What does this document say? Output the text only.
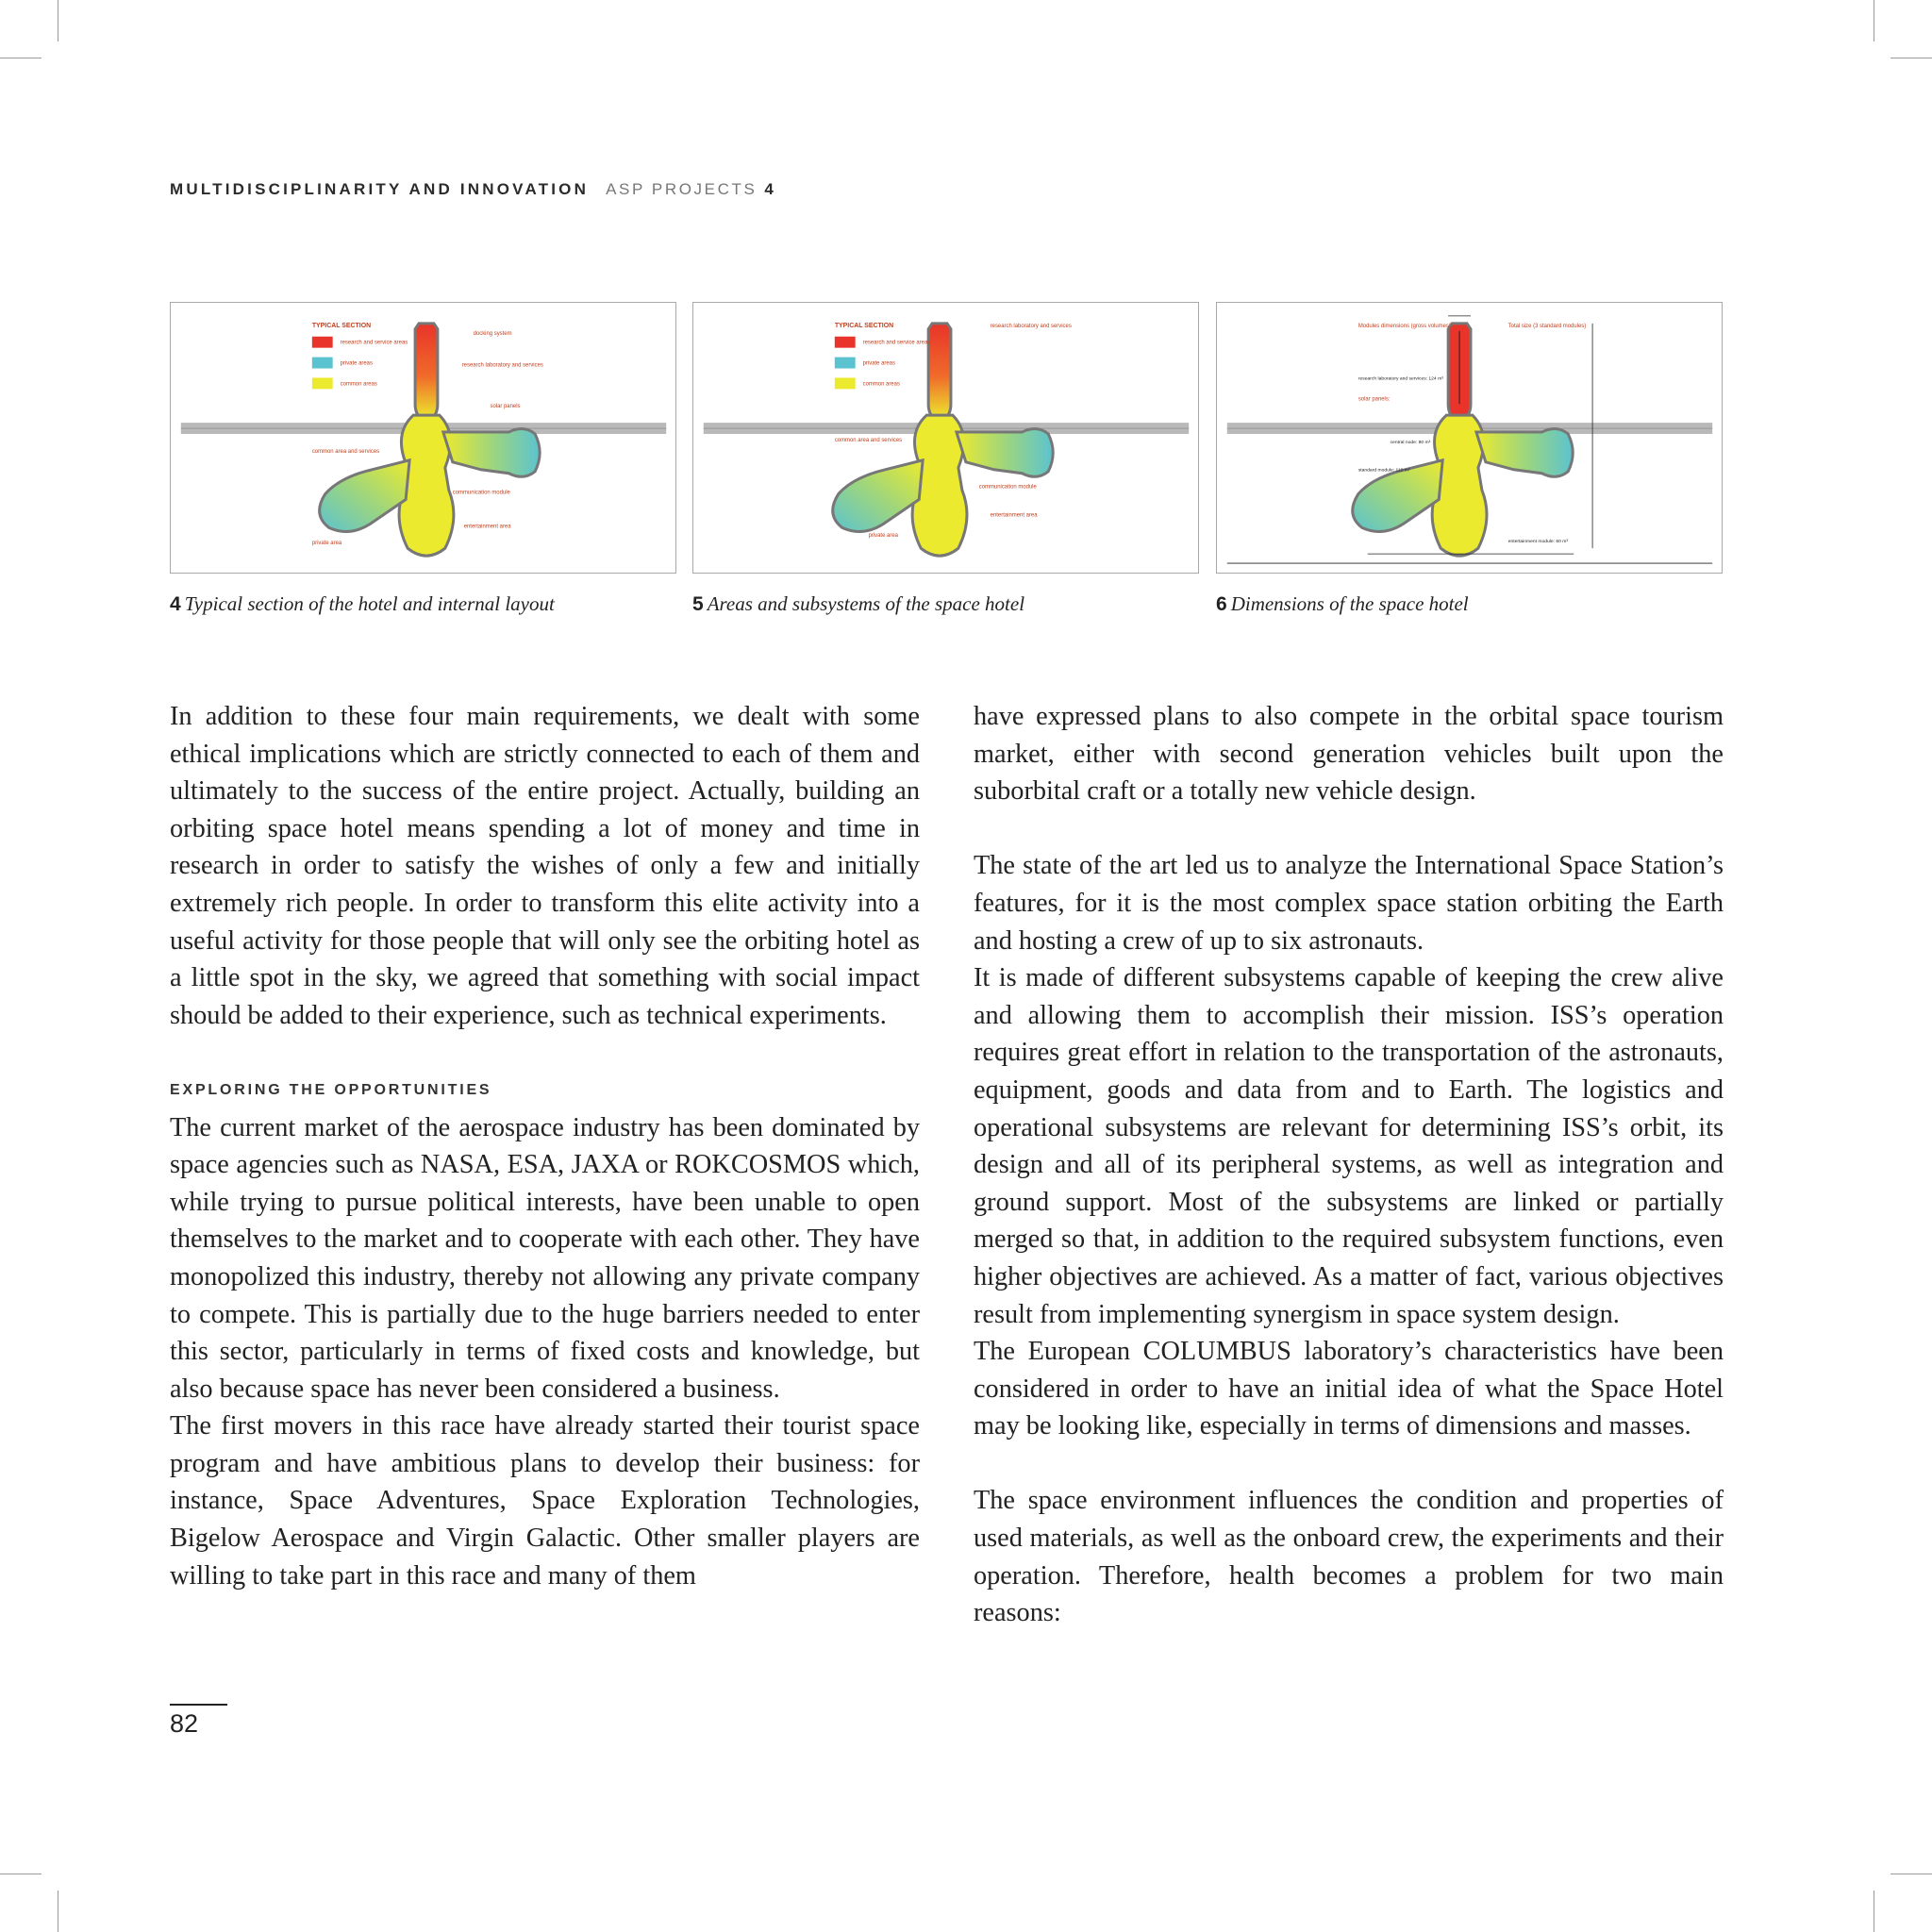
MULTIDISCIPLINARITY AND INNOVATION ASP PROJECTS 4
TYPICAL SECTION
research and service areas
private areas
common areas
docking system
research laboratory and services
solar panels
common area and services
communication module
entertainment area
private area
TYPICAL SECTION
research and service areas
private areas
common areas
research laboratory and services
common area and services
communication module
entertainment area
private area
Modules dimensions (gross volumes):	Total size (3 standard modules)
research laboratory and services: 124 m³
solar panels:
central node: 80 m³
standard module: 110 m³
entertainment module: 60 m³
4 Typical section of the hotel and internal layout	5 Areas and subsystems of the space hotel	6 Dimensions of the space hotel

In addition to these four main requirements, we dealt with some ethical implications which are strictly connected to each of them and ultimately to the success of the entire project. Actually, building an orbiting space hotel means spending a lot of money and time in research in order to satisfy the wishes of only a few and initially extremely rich people. In order to transform this elite activity into a useful activity for those people that will only see the orbiting hotel as a little spot in the sky, we agreed that something with social impact should be added to their experience, such as technical experiments.

EXPLORING THE OPPORTUNITIES

The current market of the aerospace industry has been dominated by space agencies such as NASA, ESA, JAXA or ROKCOSMOS which, while trying to pursue political interests, have been unable to open themselves to the market and to cooperate with each other. They have monopolized this industry, thereby not allowing any private company to compete. This is partially due to the huge barriers needed to enter this sector, particularly in terms of fixed costs and knowledge, but also because space has never been considered a business.

The first movers in this race have already started their tourist space program and have ambitious plans to develop their business: for instance, Space Adventures, Space Exploration Technologies, Bigelow Aerospace and Virgin Galactic. Other smaller players are willing to take part in this race and many of them

have expressed plans to also compete in the orbital space tourism market, either with second generation vehicles built upon the suborbital craft or a totally new vehicle design.

The state of the art led us to analyze the International Space Station’s features, for it is the most complex space station orbiting the Earth and hosting a crew of up to six astronauts.

It is made of different subsystems capable of keeping the crew alive and allowing them to accomplish their mission. ISS’s operation requires great effort in relation to the transportation of the astronauts, equipment, goods and data from and to Earth. The logistics and operational subsystems are relevant for determining ISS’s orbit, its design and all of its peripheral systems, as well as integration and ground support. Most of the subsystems are linked or partially merged so that, in addition to the required subsystem functions, even higher objectives are achieved. As a matter of fact, various objectives result from implementing synergism in space system design.

The European COLUMBUS laboratory’s characteristics have been considered in order to have an initial idea of what the Space Hotel may be looking like, especially in terms of dimensions and masses.

The space environment influences the condition and properties of used materials, as well as the onboard crew, the experiments and their operation. Therefore, health becomes a problem for two main reasons:

82
